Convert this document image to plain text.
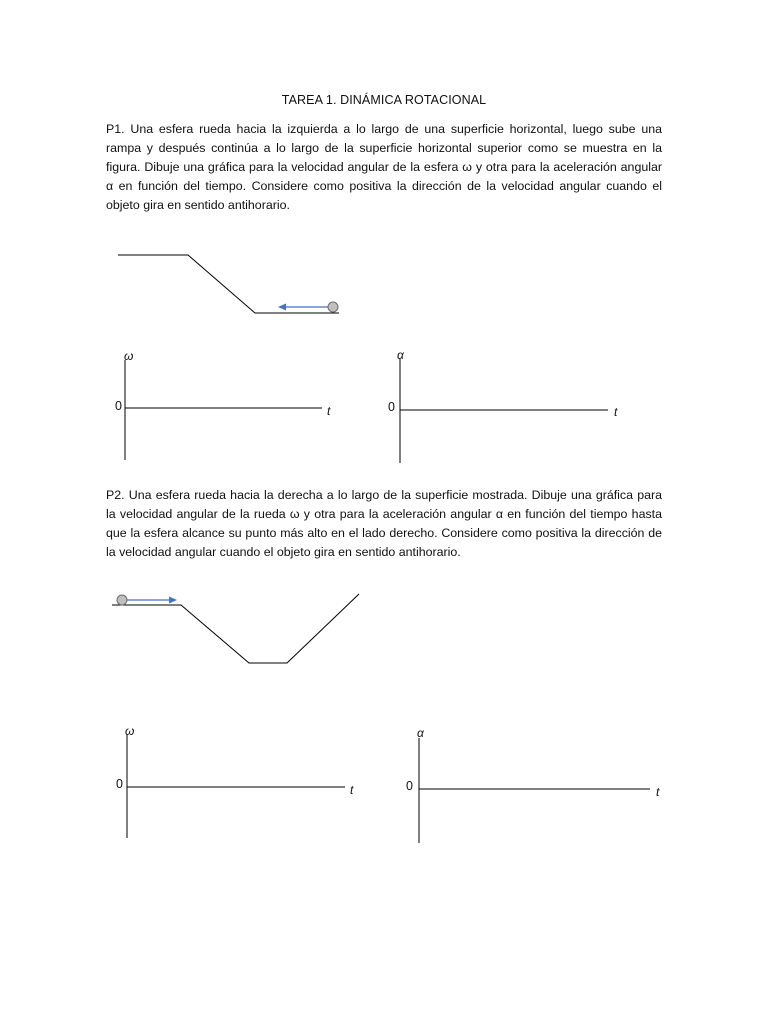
TAREA 1. DINÁMICA ROTACIONAL
P1. Una esfera rueda hacia la izquierda a lo largo de una superficie horizontal, luego sube una rampa y después continúa a lo largo de la superficie horizontal superior como se muestra en la figura. Dibuje una gráfica para la velocidad angular de la esfera ω y otra para la aceleración angular α en función del tiempo. Considere como positiva la dirección de la velocidad angular cuando el objeto gira en sentido antihorario.
ω
0	t
α
0	t
P2. Una esfera rueda hacia la derecha a lo largo de la superficie mostrada. Dibuje una gráfica para la velocidad angular de la rueda ω y otra para la aceleración angular α en función del tiempo hasta que la esfera alcance su punto más alto en el lado derecho. Considere como positiva la dirección de la velocidad angular cuando el objeto gira en sentido antihorario.
ω
0	t
α
0	t
